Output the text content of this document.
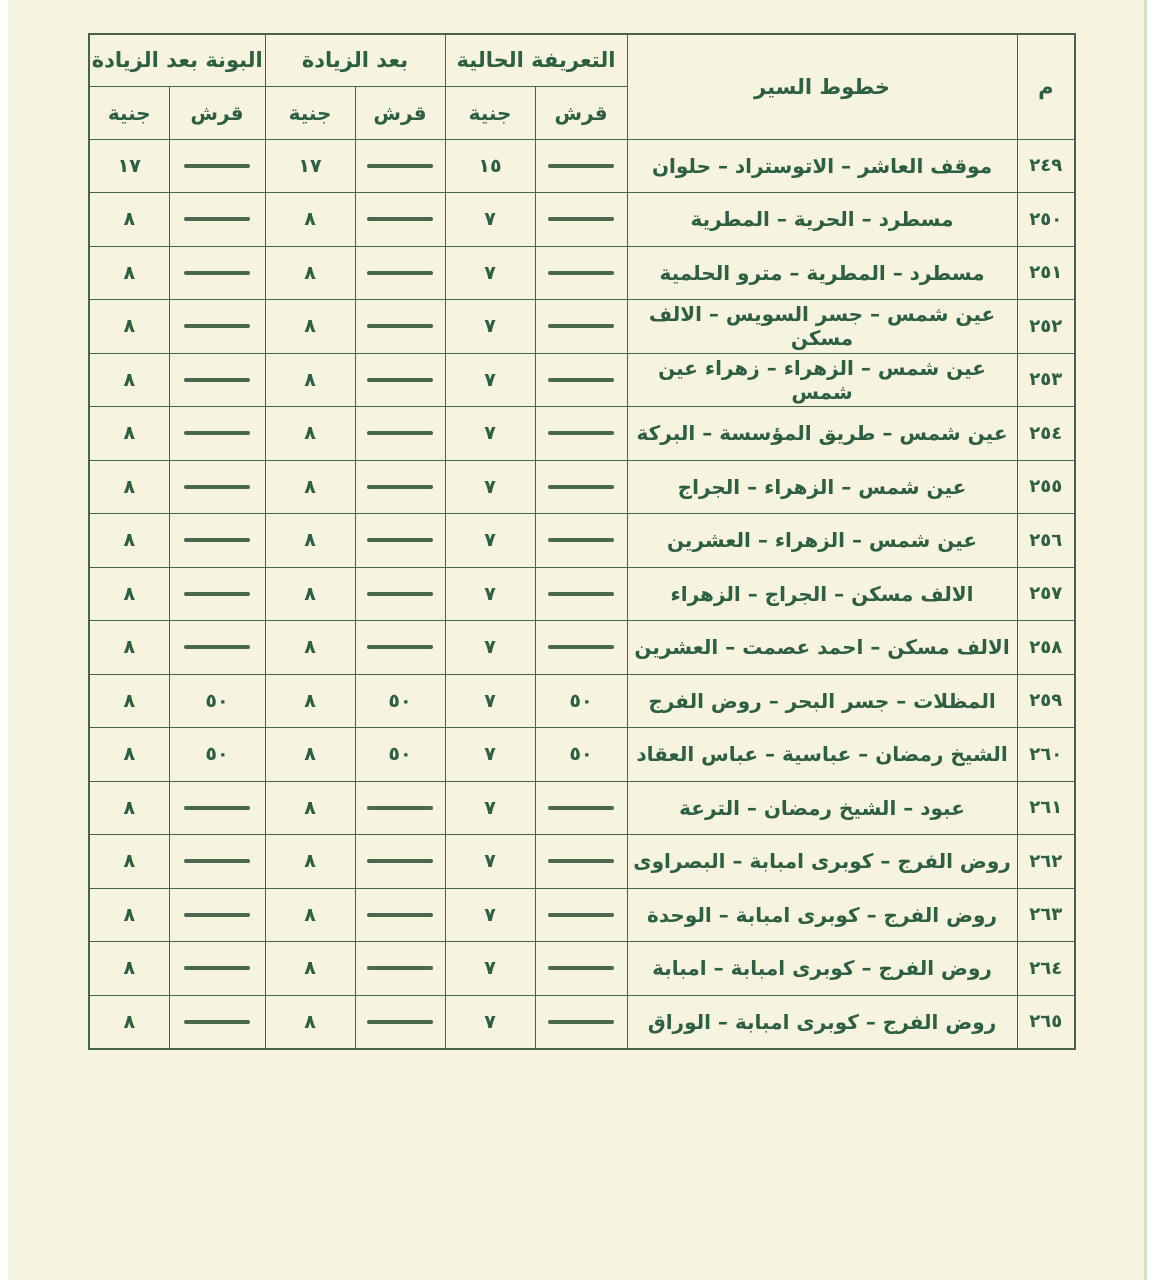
م	خطوط السير	التعريفة الحالية		بعد الزيادة		البونة بعد الزيادة	
		قرش	جنية	قرش	جنية	قرش	جنية
٢٤٩	موقف العاشر – الاتوستراد – حلوان		١٥		١٧		١٧
٢٥٠	مسطرد – الحرية – المطرية		٧		٨		٨
٢٥١	مسطرد – المطرية – مترو الحلمية		٧		٨		٨
٢٥٢	عين شمس – جسر السويس – الالف مسكن		٧		٨		٨
٢٥٣	عين شمس – الزهراء – زهراء عين شمس		٧		٨		٨
٢٥٤	عين شمس – طريق المؤسسة – البركة		٧		٨		٨
٢٥٥	عين شمس – الزهراء – الجراج		٧		٨		٨
٢٥٦	عين شمس – الزهراء – العشرين		٧		٨		٨
٢٥٧	الالف مسكن – الجراج – الزهراء		٧		٨		٨
٢٥٨	الالف مسكن – احمد عصمت – العشرين		٧		٨		٨
٢٥٩	المظلات – جسر البحر – روض الفرج	٥٠	٧	٥٠	٨	٥٠	٨
٢٦٠	الشيخ رمضان – عباسية – عباس العقاد	٥٠	٧	٥٠	٨	٥٠	٨
٢٦١	عبود – الشيخ رمضان – الترعة		٧		٨		٨
٢٦٢	روض الفرج – كوبرى امبابة – البصراوى		٧		٨		٨
٢٦٣	روض الفرج – كوبرى امبابة – الوحدة		٧		٨		٨
٢٦٤	روض الفرج – كوبرى امبابة – امبابة		٧		٨		٨
٢٦٥	روض الفرج – كوبرى امبابة – الوراق		٧		٨		٨
